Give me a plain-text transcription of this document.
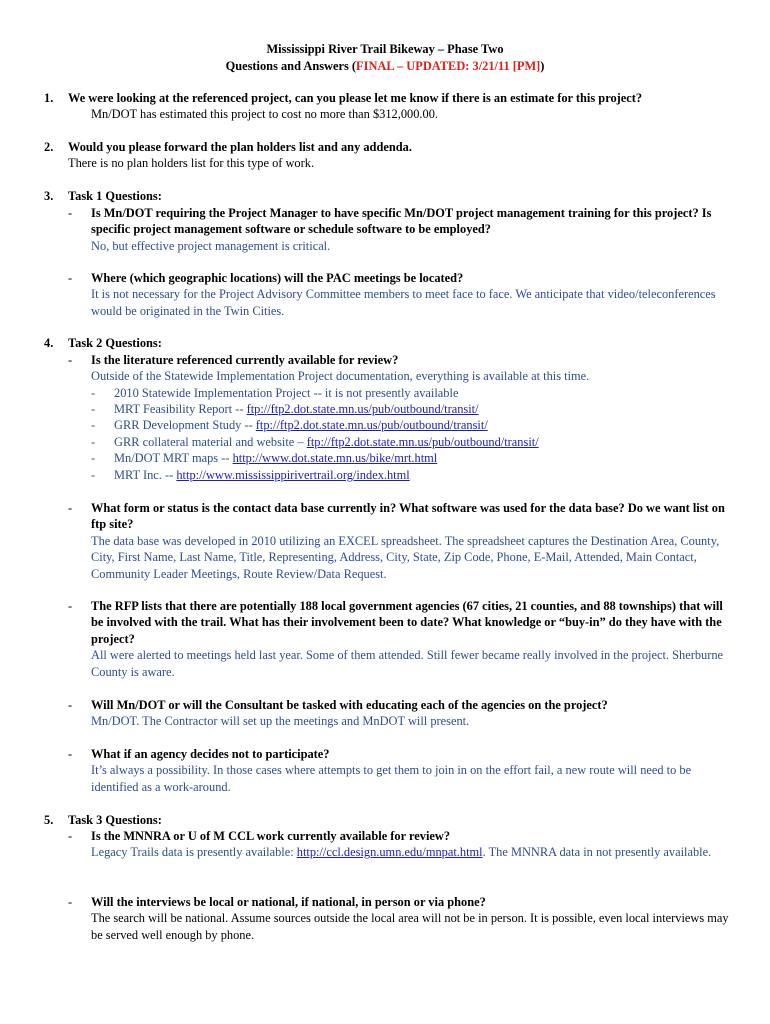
Mississippi River Trail Bikeway – Phase Two
Questions and Answers (FINAL – UPDATED: 3/21/11 [PM])
1. We were looking at the referenced project, can you please let me know if there is an estimate for this project?

Mn/DOT has estimated this project to cost no more than $312,000.00.

2. Would you please forward the plan holders list and any addenda.

There is no plan holders list for this type of work.

3. Task 1 Questions:
- Is Mn/DOT requiring the Project Manager to have specific Mn/DOT project management training for this project? Is specific project management software or schedule software to be employed?

No, but effective project management is critical.

- Where (which geographic locations) will the PAC meetings be located?

It is not necessary for the Project Advisory Committee members to meet face to face. We anticipate that video/teleconferences would be originated in the Twin Cities.

4. Task 2 Questions:
- Is the literature referenced currently available for review?

Outside of the Statewide Implementation Project documentation, everything is available at this time.

- 2010 Statewide Implementation Project -- it is not presently available
- MRT Feasibility Report -- ftp://ftp2.dot.state.mn.us/pub/outbound/transit/
- GRR Development Study -- ftp://ftp2.dot.state.mn.us/pub/outbound/transit/
- GRR collateral material and website – ftp://ftp2.dot.state.mn.us/pub/outbound/transit/
- Mn/DOT MRT maps -- http://www.dot.state.mn.us/bike/mrt.html
- MRT Inc. -- http://www.mississippirivertrail.org/index.html
- What form or status is the contact data base currently in? What software was used for the data base? Do we want list on ftp site?

The data base was developed in 2010 utilizing an EXCEL spreadsheet. The spreadsheet captures the Destination Area, County, City, First Name, Last Name, Title, Representing, Address, City, State, Zip Code, Phone, E-Mail, Attended, Main Contact, Community Leader Meetings, Route Review/Data Request.

- The RFP lists that there are potentially 188 local government agencies (67 cities, 21 counties, and 88 townships) that will be involved with the trail. What has their involvement been to date? What knowledge or “buy-in” do they have with the project?

All were alerted to meetings held last year. Some of them attended. Still fewer became really involved in the project. Sherburne County is aware.

- Will Mn/DOT or will the Consultant be tasked with educating each of the agencies on the project?

Mn/DOT. The Contractor will set up the meetings and MnDOT will present.

- What if an agency decides not to participate?

It’s always a possibility. In those cases where attempts to get them to join in on the effort fail, a new route will need to be identified as a work-around.

5. Task 3 Questions:
- Is the MNNRA or U of M CCL work currently available for review?

Legacy Trails data is presently available: http://ccl.design.umn.edu/mnpat.html. The MNNRA data in not presently available.

- Will the interviews be local or national, if national, in person or via phone?

The search will be national. Assume sources outside the local area will not be in person. It is possible, even local interviews may be served well enough by phone.
